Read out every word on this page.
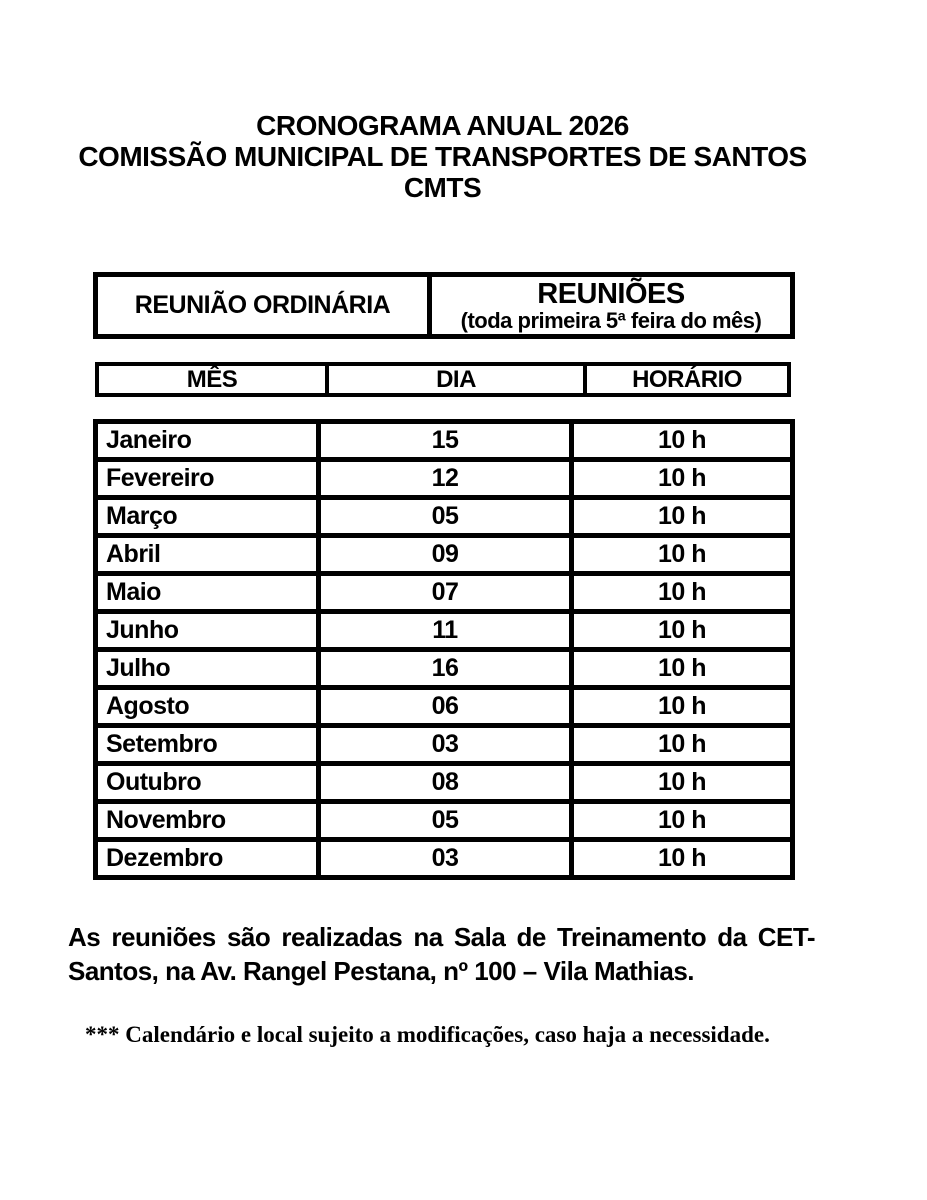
CRONOGRAMA ANUAL 2026
COMISSÃO MUNICIPAL DE TRANSPORTES DE SANTOS
CMTS
REUNIÃO ORDINÁRIA	REUNIÕES
(toda primeira 5ª feira do mês)
MÊS	DIA	HORÁRIO
Janeiro	15	10 h
Fevereiro	12	10 h
Março	05	10 h
Abril	09	10 h
Maio	07	10 h
Junho	11	10 h
Julho	16	10 h
Agosto	06	10 h
Setembro	03	10 h
Outubro	08	10 h
Novembro	05	10 h
Dezembro	03	10 h
As reuniões são realizadas na Sala de Treinamento da CET-
Santos, na Av. Rangel Pestana, nº 100 – Vila Mathias.
*** Calendário e local sujeito a modificações, caso haja a necessidade.
